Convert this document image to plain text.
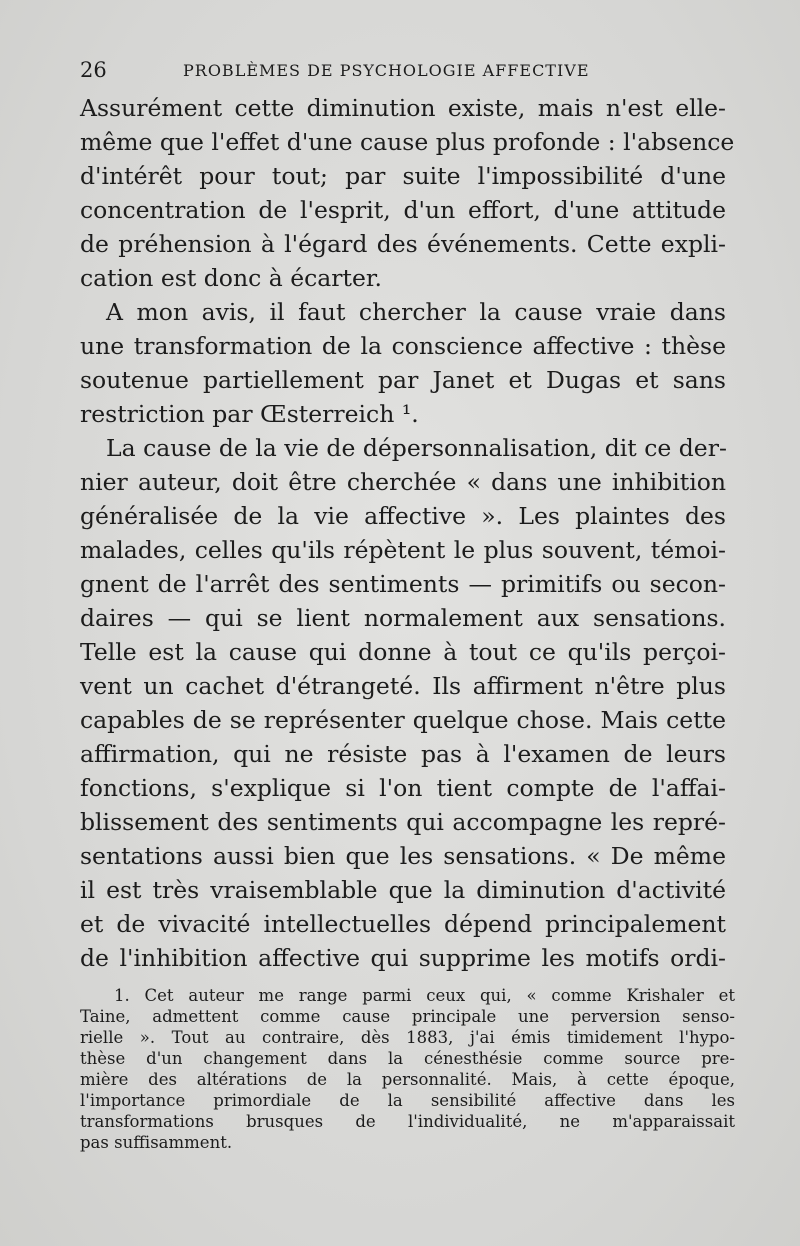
26	PROBLÈMES DE PSYCHOLOGIE AFFECTIVE
Assurément cette diminution existe, mais n'est elle-
même que l'effet d'une cause plus profonde : l'absence
d'intérêt pour tout; par suite l'impossibilité d'une
concentration de l'esprit, d'un effort, d'une attitude
de préhension à l'égard des événements. Cette expli-
cation est donc à écarter.
A mon avis, il faut chercher la cause vraie dans
une transformation de la conscience affective : thèse
soutenue partiellement par Janet et Dugas et sans
restriction par Œsterreich ¹.
La cause de la vie de dépersonnalisation, dit ce der-
nier auteur, doit être cherchée « dans une inhibition
généralisée de la vie affective ». Les plaintes des
malades, celles qu'ils répètent le plus souvent, témoi-
gnent de l'arrêt des sentiments — primitifs ou secon-
daires — qui se lient normalement aux sensations.
Telle est la cause qui donne à tout ce qu'ils perçoi-
vent un cachet d'étrangeté. Ils affirment n'être plus
capables de se représenter quelque chose. Mais cette
affirmation, qui ne résiste pas à l'examen de leurs
fonctions, s'explique si l'on tient compte de l'affai-
blissement des sentiments qui accompagne les repré-
sentations aussi bien que les sensations. « De même
il est très vraisemblable que la diminution d'activité
et de vivacité intellectuelles dépend principalement
de l'inhibition affective qui supprime les motifs ordi-
1. Cet auteur me range parmi ceux qui, « comme Krishaler et
Taine, admettent comme cause principale une perversion senso-
rielle ». Tout au contraire, dès 1883, j'ai émis timidement l'hypo-
thèse d'un changement dans la cénesthésie comme source pre-
mière des altérations de la personnalité. Mais, à cette époque,
l'importance primordiale de la sensibilité affective dans les
transformations brusques de l'individualité, ne m'apparaissait
pas suffisamment.
